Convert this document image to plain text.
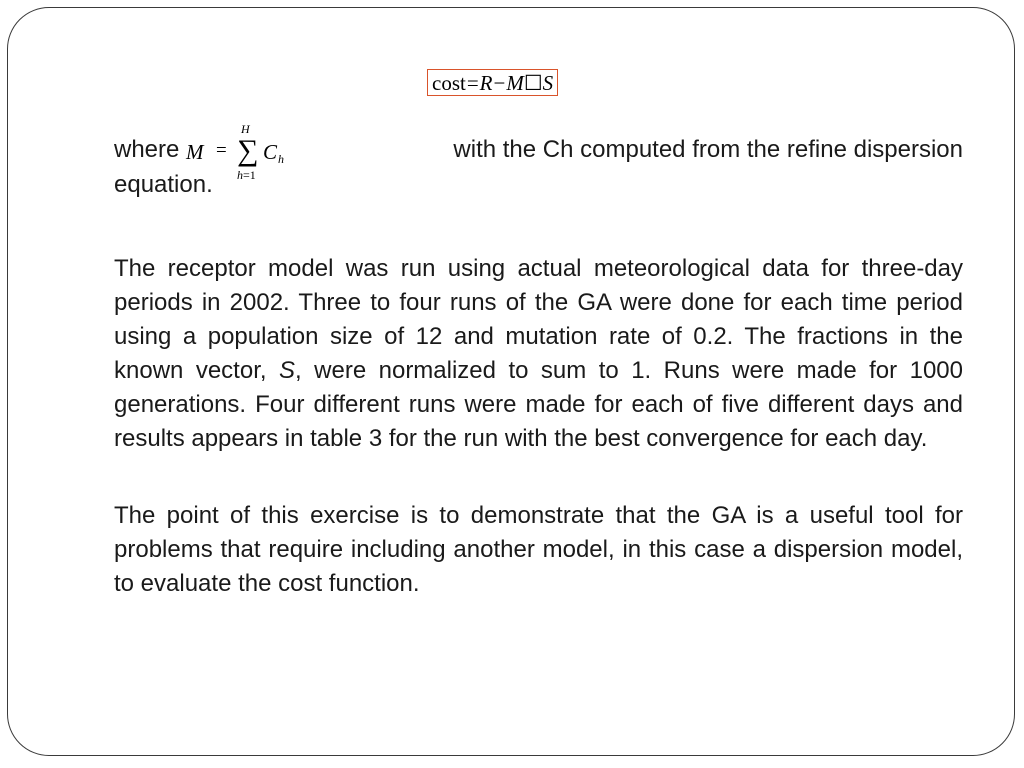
cost=R−M☐S
where	with the Ch computed from the refine dispersion
M = ∑
H
h=1
C h
equation.

The receptor model was run using actual meteorological data for three-day periods in 2002. Three to four runs of the GA were done for each time period using a population size of 12 and mutation rate of 0.2. The fractions in the known vector, S, were normalized to sum to 1. Runs were made for 1000 generations. Four different runs were made for each of five different days and results appears in table 3 for the run with the best convergence for each day.

The point of this exercise is to demonstrate that the GA is a useful tool for problems that require including another model, in this case a dispersion model, to evaluate the cost function.
